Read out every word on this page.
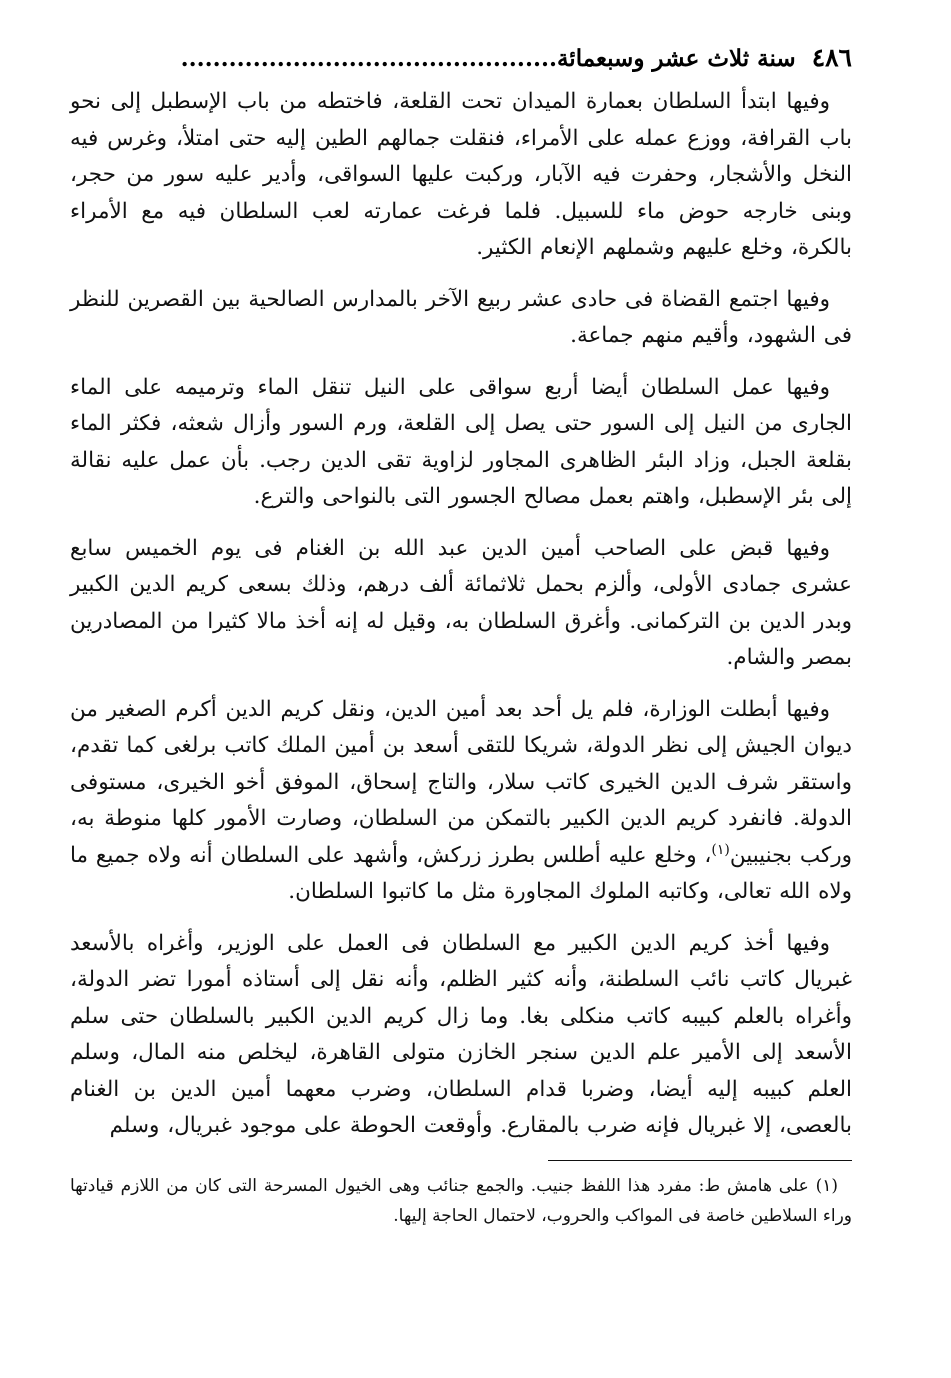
٤٨٦
سنة ثلاث عشر وسبعمائة...............................................

وفيها ابتدأ السلطان بعمارة الميدان تحت القلعة، فاختطه من باب الإسطبل إلى نحو باب القرافة، ووزع عمله على الأمراء، فنقلت جمالهم الطين إليه حتى امتلأ، وغرس فيه النخل والأشجار، وحفرت فيه الآبار، وركبت عليها السواقى، وأدير عليه سور من حجر، وبنى خارجه حوض ماء للسبيل. فلما فرغت عمارته لعب السلطان فيه مع الأمراء بالكرة، وخلع عليهم وشملهم الإنعام الكثير.

وفيها اجتمع القضاة فى حادى عشر ربيع الآخر بالمدارس الصالحية بين القصرين للنظر فى الشهود، وأقيم منهم جماعة.

وفيها عمل السلطان أيضا أربع سواقى على النيل تنقل الماء وترميمه على الماء الجارى من النيل إلى السور حتى يصل إلى القلعة، ورم السور وأزال شعثه، فكثر الماء بقلعة الجبل، وزاد البئر الظاهرى المجاور لزاوية تقى الدين رجب. بأن عمل عليه نقالة إلى بئر الإسطبل، واهتم بعمل مصالح الجسور التى بالنواحى والترع.

وفيها قبض على الصاحب أمين الدين عبد الله بن الغنام فى يوم الخميس سابع عشرى جمادى الأولى، وألزم بحمل ثلاثمائة ألف درهم، وذلك بسعى كريم الدين الكبير وبدر الدين بن التركمانى. وأغرق السلطان به، وقيل له إنه أخذ مالا كثيرا من المصادرين بمصر والشام.

وفيها أبطلت الوزارة، فلم يل أحد بعد أمين الدين، ونقل كريم الدين أكرم الصغير من ديوان الجيش إلى نظر الدولة، شريكا للتقى أسعد بن أمين الملك كاتب برلغى كما تقدم، واستقر شرف الدين الخيرى كاتب سلار، والتاج إسحاق، الموفق أخو الخيرى، مستوفى الدولة. فانفرد كريم الدين الكبير بالتمكن من السلطان، وصارت الأمور كلها منوطة به، وركب بجنيبين$^{(١)}$، وخلع عليه أطلس بطرز زركش، وأشهد على السلطان أنه ولاه جميع ما ولاه الله تعالى، وكاتبه الملوك المجاورة مثل ما كاتبوا السلطان.

وفيها أخذ كريم الدين الكبير مع السلطان فى العمل على الوزير، وأغراه بالأسعد غبريال كاتب نائب السلطنة، وأنه كثير الظلم، وأنه نقل إلى أستاذه أمورا تضر الدولة، وأغراه بالعلم كبيبه كاتب منكلى بغا. وما زال كريم الدين الكبير بالسلطان حتى سلم الأسعد إلى الأمير علم الدين سنجر الخازن متولى القاهرة، ليخلص منه المال، وسلم العلم كبيبه إليه أيضا، وضربا قدام السلطان، وضرب معهما أمين الدين بن الغنام بالعصى، إلا غبريال فإنه ضرب بالمقارع. وأوقعت الحوطة على موجود غبريال، وسلم

(١) على هامش ط: مفرد هذا اللفظ جنيب. والجمع جنائب وهى الخيول المسرحة التى كان من اللازم قيادتها وراء السلاطين خاصة فى المواكب والحروب، لاحتمال الحاجة إليها.
